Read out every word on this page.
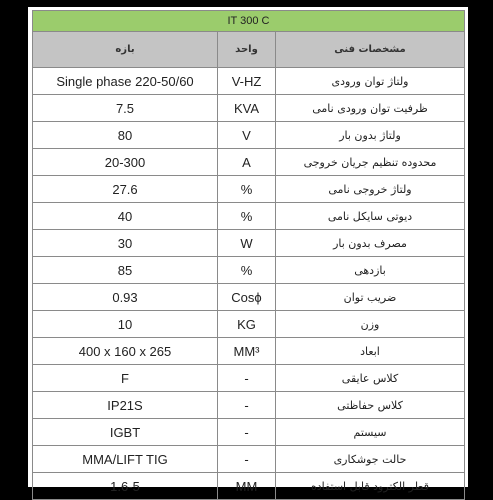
IT 300 C		
بازه	واحد	مشخصات فنی
Single phase 220-50/60	V-HZ	ولتاژ توان ورودی
7.5	KVA	ظرفیت توان ورودی نامی
80	V	ولتاژ بدون بار
20-300	A	محدوده تنظیم جریان خروجی
27.6	%	ولتاژ خروجی نامی
40	%	دیوتی سایکل نامی
30	W	مصرف بدون بار
85	%	بازدهی
0.93	Cosϕ	ضریب توان
10	KG	وزن
400 x 160 x 265	MM³	ابعاد
F	-	کلاس عایقی
IP21S	-	کلاس حفاظتی
IGBT	-	سیستم
MMA/LIFT TIG	-	حالت جوشکاری
1.6-5	MM	قطر الکترود قابل استفاده
